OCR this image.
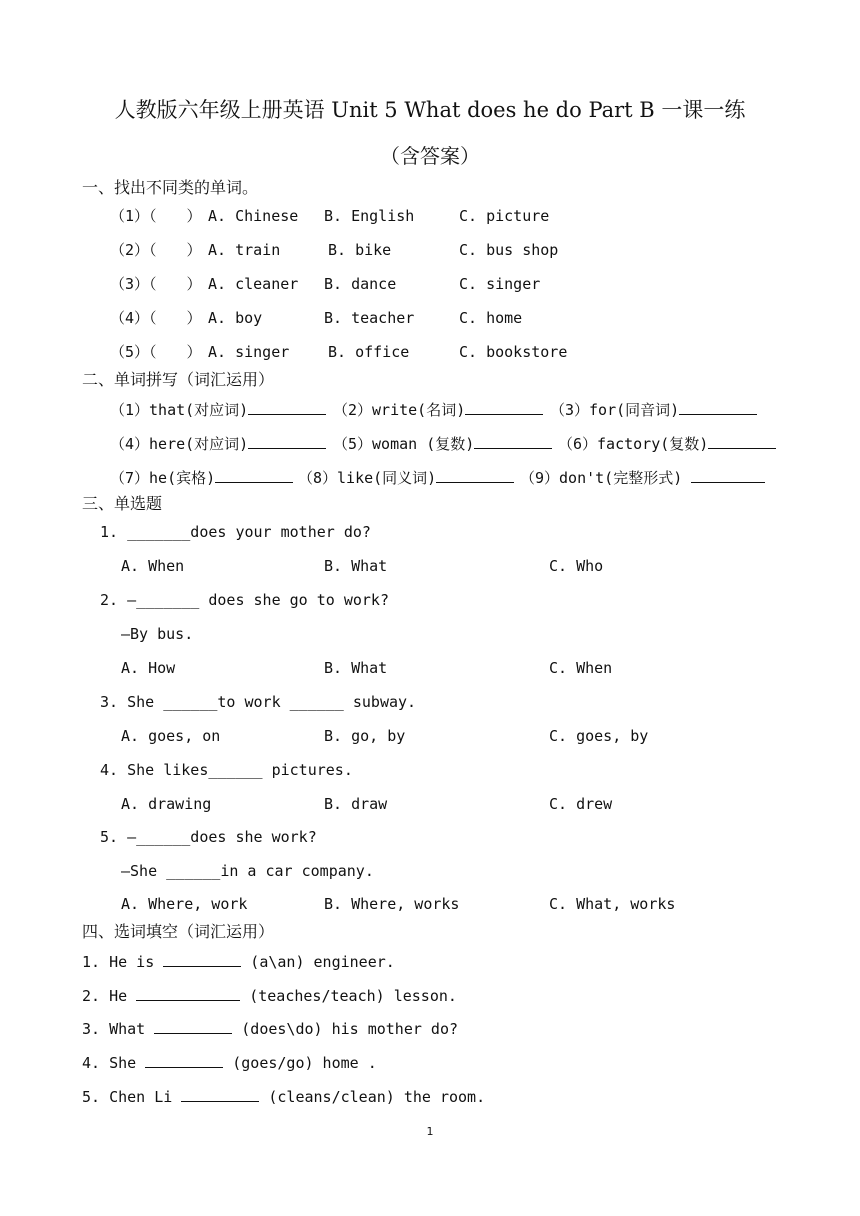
人教版六年级上册英语 Unit 5 What does he do Part B 一课一练
（含答案）
一、找出不同类的单词。
（1）（　　） A. Chinese B. English	C. picture
（2）（　　） A. train	B. bike	C. bus shop
（3）（　　） A. cleaner B. dance	C. singer
（4）（　　） A. boy	B. teacher	C. home
（5）（　　） A. singer	B. office	C. bookstore
二、单词拼写（词汇运用）
（1）that(对应词)	（2）write(名词)	（3）for(同音词)
（4）here(对应词)	（5）woman (复数)	（6）factory(复数)
（7）he(宾格)	（8）like(同义词)	（9）don't(完整形式)
三、单选题
1. _______does your mother do?
A. When	B. What	C. Who
2. —_______ does she go to work?
—By bus.
A. How	B. What	C. When
3. She ______to work ______ subway.
A. goes, on	B. go, by	C. goes, by
4. She likes______ pictures.
A. drawing	B. draw	C. drew
5. —______does she work?
—She ______in a car company.
A. Where, work	B. Where, works	C. What, works
四、选词填空（词汇运用）
1. He is	(a\an) engineer.
2. He	(teaches/teach) lesson.
3. What	(does\do) his mother do?
4. She	(goes/go) home .
5. Chen Li	(cleans/clean) the room.
1
